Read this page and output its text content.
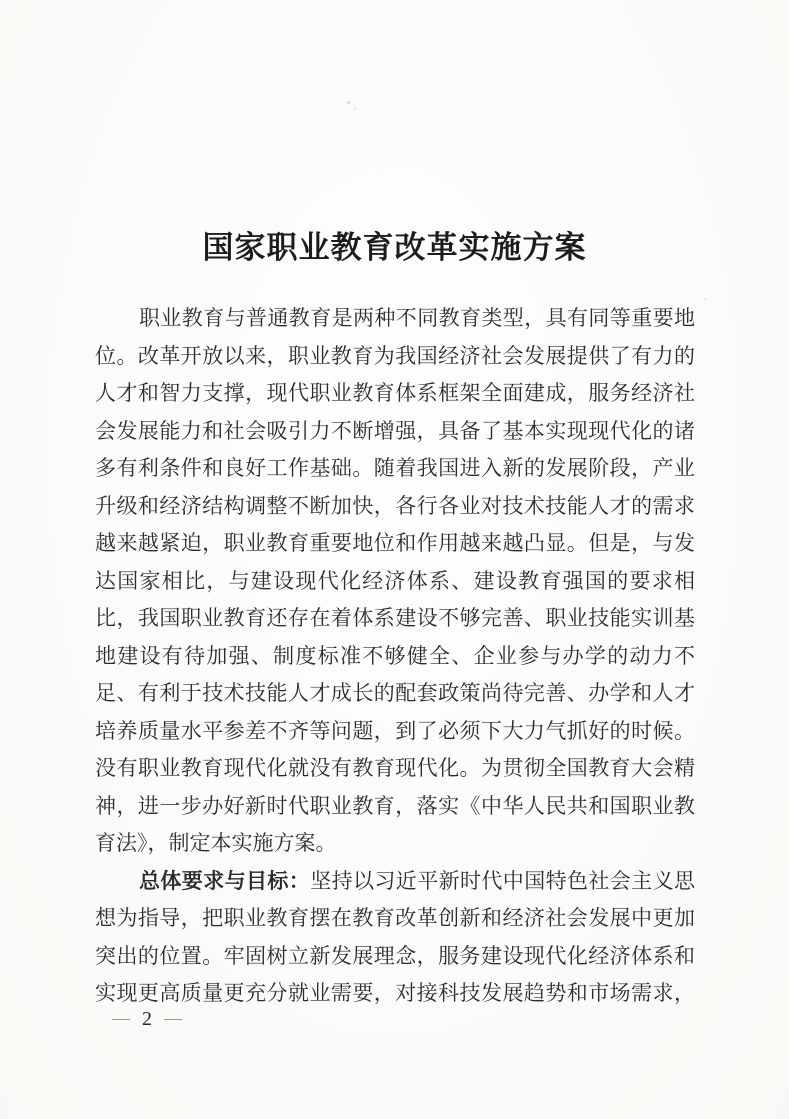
国家职业教育改革实施方案
职业教育与普通教育是两种不同教育类型，具有同等重要地
位。改革开放以来，职业教育为我国经济社会发展提供了有力的
人才和智力支撑，现代职业教育体系框架全面建成，服务经济社
会发展能力和社会吸引力不断增强，具备了基本实现现代化的诸
多有利条件和良好工作基础。随着我国进入新的发展阶段，产业
升级和经济结构调整不断加快，各行各业对技术技能人才的需求
越来越紧迫，职业教育重要地位和作用越来越凸显。但是，与发
达国家相比，与建设现代化经济体系、建设教育强国的要求相
比，我国职业教育还存在着体系建设不够完善、职业技能实训基
地建设有待加强、制度标准不够健全、企业参与办学的动力不
足、有利于技术技能人才成长的配套政策尚待完善、办学和人才
培养质量水平参差不齐等问题，到了必须下大力气抓好的时候。
没有职业教育现代化就没有教育现代化。为贯彻全国教育大会精
神，进一步办好新时代职业教育，落实《中华人民共和国职业教
育法》，制定本实施方案。
总体要求与目标：坚持以习近平新时代中国特色社会主义思
想为指导，把职业教育摆在教育改革创新和经济社会发展中更加
突出的位置。牢固树立新发展理念，服务建设现代化经济体系和
实现更高质量更充分就业需要，对接科技发展趋势和市场需求，
— 2 —
